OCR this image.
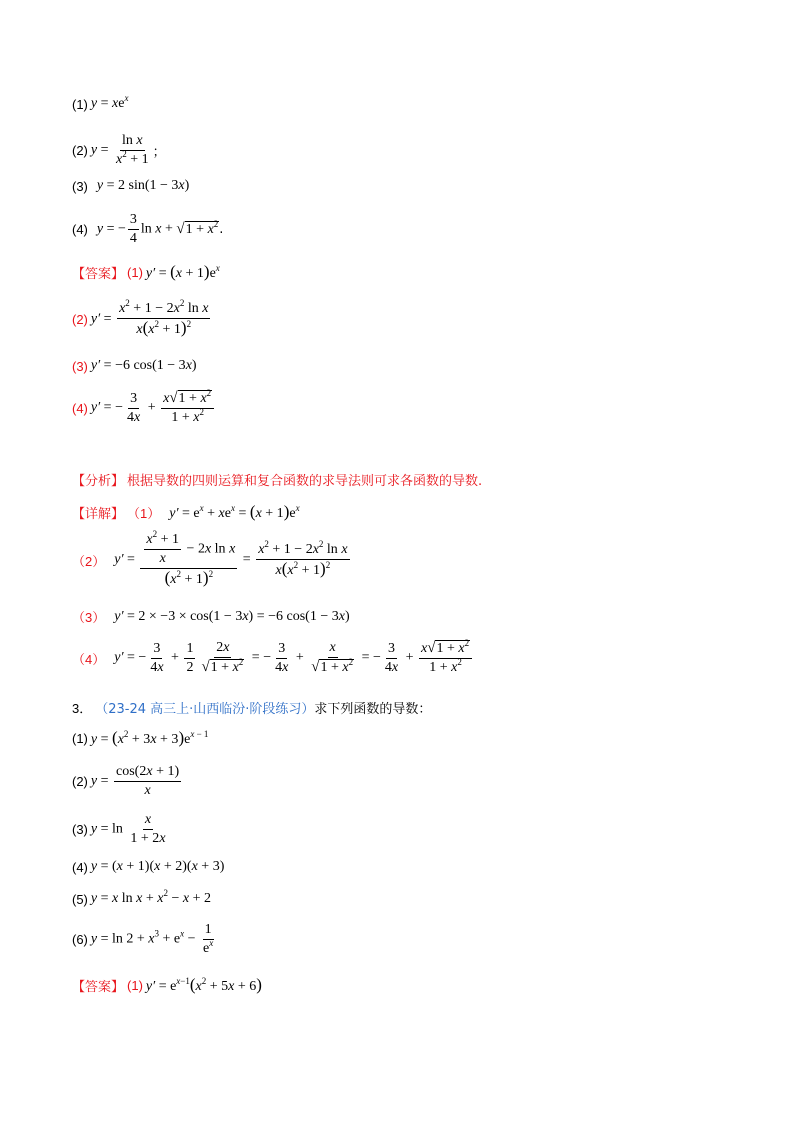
(1) $y = xe^x$
(2) $y = \frac{\text{ln x}}{x^2 + 1}$ ；
(3) y = 2 sin(1 − 3x)
(4) y = − $\frac{3}{4}$ ln x + √ $1 + x^2$ .
【答案】 (1) $y' = (x + 1)e^x$
(2) $y' = \frac{x^2 + 1 - 2x^2 \ln x}{x(x^2 + 1)^2}$
(3) y′ = −6 cos(1 − 3x)
(4) y′ = − $\frac{3}{4x} + \frac{x √ 1 + x^2}{1 + x^2}$
【分析】 根据导数的四则运算和复合函数的求导法则可求各函数的导数.
【详解】 （1） $y' = e^x + xe^x = (x + 1)e^x$
（2） $y' = \frac{\frac{x^2 + 1}{x} - 2x \ln x}{(x^2 + 1)^2} = \frac{x^2 + 1 - 2x^2 \ln x}{x(x^2 + 1)^2}$
（3） y′ = 2 × −3 × cos(1 − 3x) = −6 cos(1 − 3x)
（4） y′ = − $\frac{3}{4x} + \frac{1}{2} \frac{2x}{√ 1 + x^2}$ = − $\frac{3}{4x} + \frac{x}{√ 1 + x^2}$ = − $\frac{3}{4x} + \frac{x √ 1 + x^2}{1 + x^2}$
3． （23-24 高三上·山西临汾·阶段练习） 求下列函数的导数：
(1) $y = (x^2 + 3x + 3)e^{x - 1}$
(2) $y = \frac{\cos(2x + 1)}{x}$
(3) $y = \ln \frac{x}{1 + 2x}$
(4) y = (x + 1)(x + 2)(x + 3)
(5) y = x $\ln x + x^2 - x + 2$
(6) $y = \ln 2 + x^3 + e^x - \frac{1}{e^x}$
【答案】 (1) $y' = e^{x-1}(x^2 + 5x + 6)$
